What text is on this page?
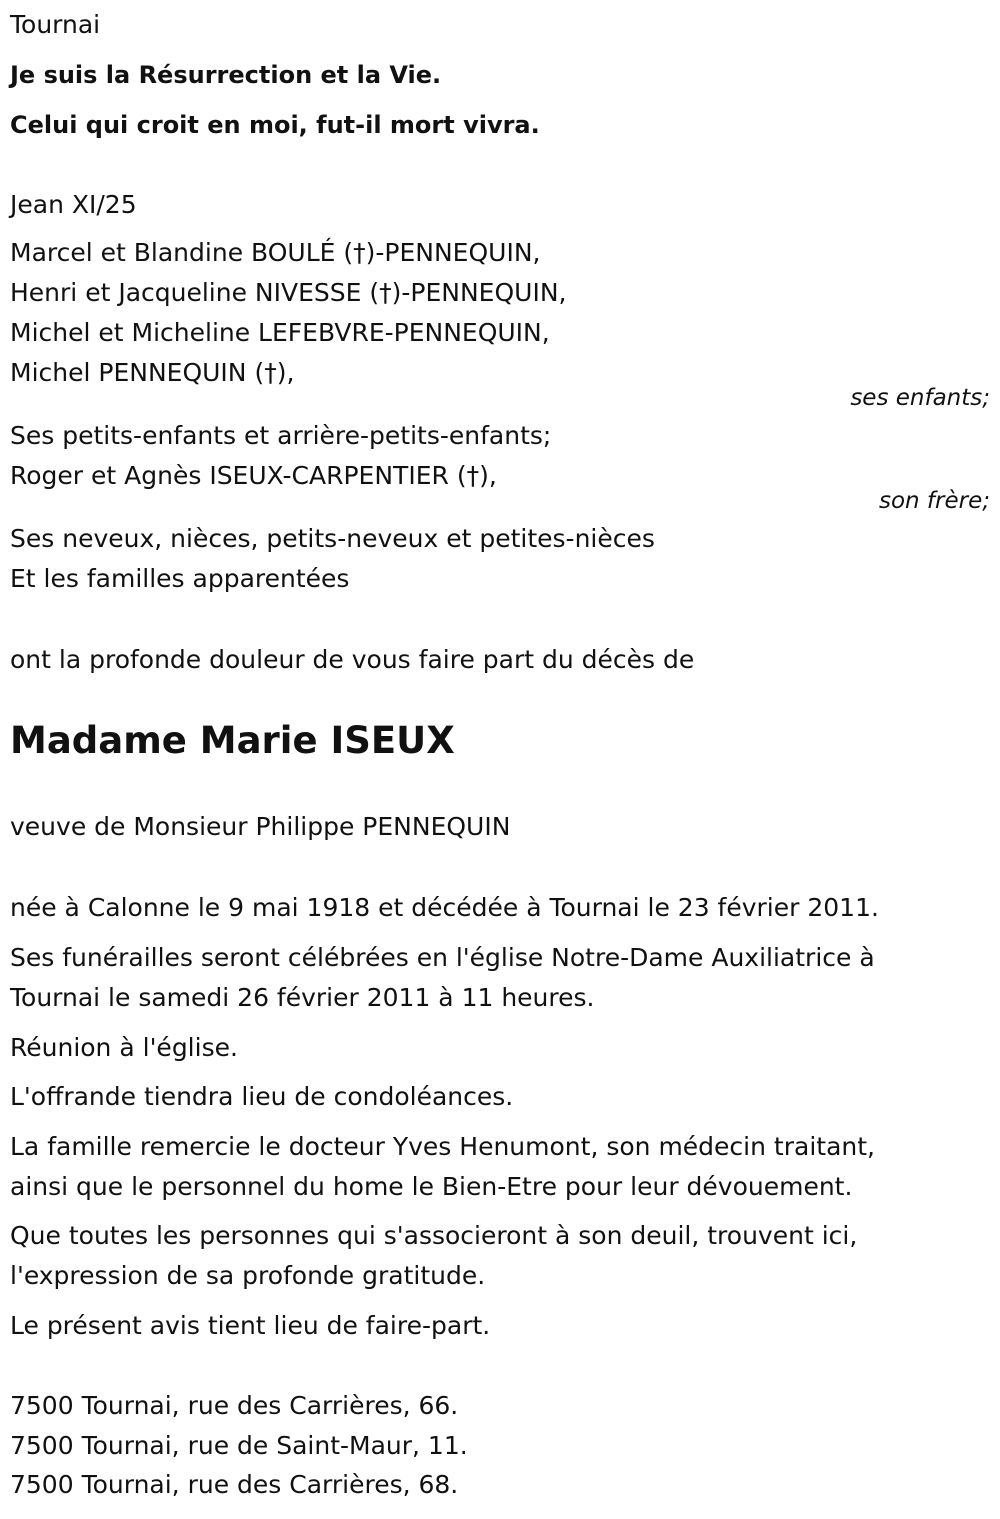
Tournai
Je suis la Résurrection et la Vie.
Celui qui croit en moi, fut-il mort vivra.
Jean XI/25
Marcel et Blandine BOULÉ (†)-PENNEQUIN,
Henri et Jacqueline NIVESSE (†)-PENNEQUIN,
Michel et Micheline LEFEBVRE-PENNEQUIN,
Michel PENNEQUIN (†),
ses enfants;
Ses petits-enfants et arrière-petits-enfants;
Roger et Agnès ISEUX-CARPENTIER (†),
son frère;
Ses neveux, nièces, petits-neveux et petites-nièces
Et les familles apparentées
ont la profonde douleur de vous faire part du décès de
Madame Marie ISEUX
veuve de Monsieur Philippe PENNEQUIN
née à Calonne le 9 mai 1918 et décédée à Tournai le 23 février 2011.
Ses funérailles seront célébrées en l'église Notre-Dame Auxiliatrice à
Tournai le samedi 26 février 2011 à 11 heures.
Réunion à l'église.
L'offrande tiendra lieu de condoléances.
La famille remercie le docteur Yves Henumont, son médecin traitant,
ainsi que le personnel du home le Bien-Etre pour leur dévouement.
Que toutes les personnes qui s'associeront à son deuil, trouvent ici,
l'expression de sa profonde gratitude.
Le présent avis tient lieu de faire-part.
7500 Tournai, rue des Carrières, 66.
7500 Tournai, rue de Saint-Maur, 11.
7500 Tournai, rue des Carrières, 68.
